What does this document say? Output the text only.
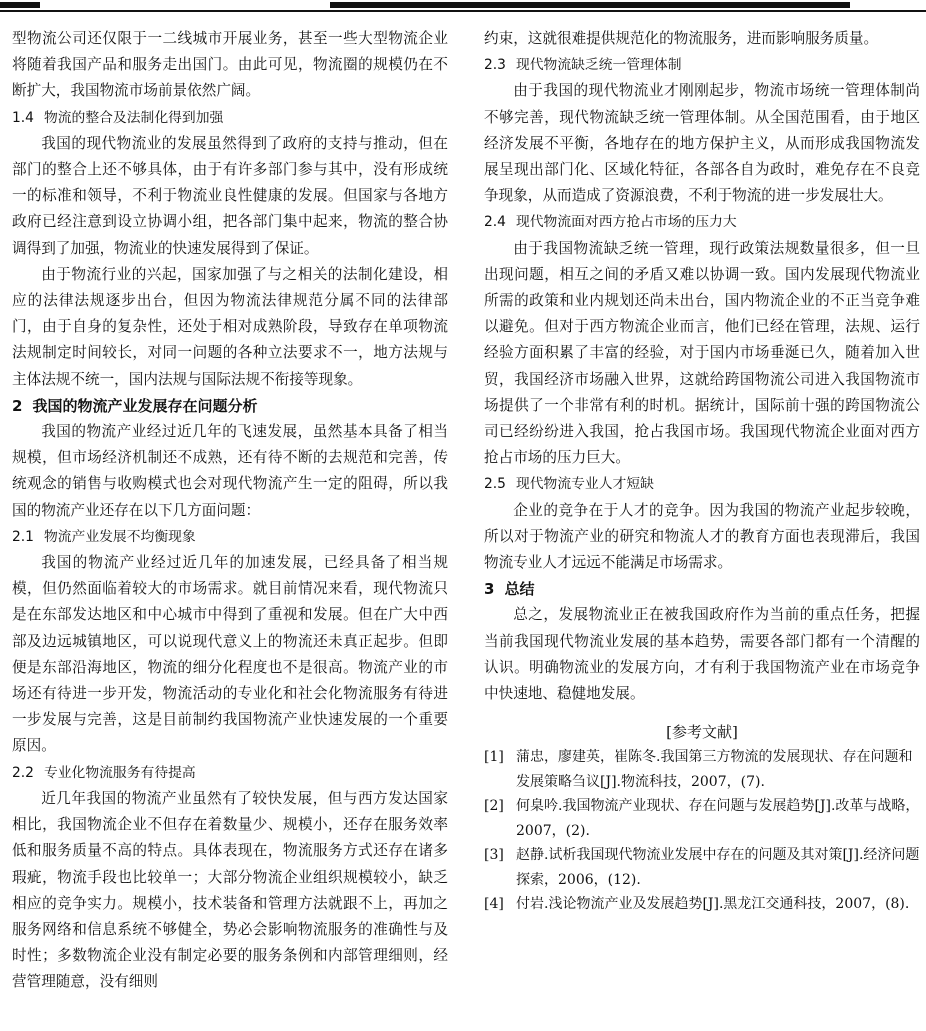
型物流公司还仅限于一二线城市开展业务，甚至一些大型物流企业将随着我国产品和服务走出国门。由此可见，物流圈的规模仍在不断扩大，我国物流市场前景依然广阔。

1.4 物流的整合及法制化得到加强

我国的现代物流业的发展虽然得到了政府的支持与推动，但在部门的整合上还不够具体，由于有许多部门参与其中，没有形成统一的标准和领导，不利于物流业良性健康的发展。但国家与各地方政府已经注意到设立协调小组，把各部门集中起来，物流的整合协调得到了加强，物流业的快速发展得到了保证。

由于物流行业的兴起，国家加强了与之相关的法制化建设，相应的法律法规逐步出台，但因为物流法律规范分属不同的法律部门，由于自身的复杂性，还处于相对成熟阶段，导致存在单项物流法规制定时间较长，对同一问题的各种立法要求不一，地方法规与主体法规不统一，国内法规与国际法规不衔接等现象。

2 我国的物流产业发展存在问题分析

我国的物流产业经过近几年的飞速发展，虽然基本具备了相当规模，但市场经济机制还不成熟，还有待不断的去规范和完善，传统观念的销售与收购模式也会对现代物流产生一定的阻碍，所以我国的物流产业还存在以下几方面问题：

2.1 物流产业发展不均衡现象

我国的物流产业经过近几年的加速发展，已经具备了相当规模，但仍然面临着较大的市场需求。就目前情况来看，现代物流只是在东部发达地区和中心城市中得到了重视和发展。但在广大中西部及边远城镇地区，可以说现代意义上的物流还未真正起步。但即便是东部沿海地区，物流的细分化程度也不是很高。物流产业的市场还有待进一步开发，物流活动的专业化和社会化物流服务有待进一步发展与完善，这是目前制约我国物流产业快速发展的一个重要原因。

2.2 专业化物流服务有待提高

近几年我国的物流产业虽然有了较快发展，但与西方发达国家相比，我国物流企业不但存在着数量少、规模小，还存在服务效率低和服务质量不高的特点。具体表现在，物流服务方式还存在诸多瑕疵，物流手段也比较单一；大部分物流企业组织规模较小，缺乏相应的竞争实力。规模小，技术装备和管理方法就跟不上，再加之服务网络和信息系统不够健全，势必会影响物流服务的准确性与及时性；多数物流企业没有制定必要的服务条例和内部管理细则，经营管理随意，没有细则

约束，这就很难提供规范化的物流服务，进而影响服务质量。

2.3 现代物流缺乏统一管理体制

由于我国的现代物流业才刚刚起步，物流市场统一管理体制尚不够完善，现代物流缺乏统一管理体制。从全国范围看，由于地区经济发展不平衡，各地存在的地方保护主义，从而形成我国物流发展呈现出部门化、区域化特征，各部各自为政时，难免存在不良竞争现象，从而造成了资源浪费，不利于物流的进一步发展壮大。

2.4 现代物流面对西方抢占市场的压力大

由于我国物流缺乏统一管理，现行政策法规数量很多，但一旦出现问题，相互之间的矛盾又难以协调一致。国内发展现代物流业所需的政策和业内规划还尚未出台，国内物流企业的不正当竞争难以避免。但对于西方物流企业而言，他们已经在管理，法规、运行经验方面积累了丰富的经验，对于国内市场垂涎已久，随着加入世贸，我国经济市场融入世界，这就给跨国物流公司进入我国物流市场提供了一个非常有利的时机。据统计，国际前十强的跨国物流公司已经纷纷进入我国，抢占我国市场。我国现代物流企业面对西方抢占市场的压力巨大。

2.5 现代物流专业人才短缺

企业的竞争在于人才的竞争。因为我国的物流产业起步较晚，所以对于物流产业的研究和物流人才的教育方面也表现滞后，我国物流专业人才远远不能满足市场需求。

3 总结

总之，发展物流业正在被我国政府作为当前的重点任务，把握当前我国现代物流业发展的基本趋势，需要各部门都有一个清醒的认识。明确物流业的发展方向，才有利于我国物流产业在市场竞争中快速地、稳健地发展。

[参考文献]
[1] 蒲忠，廖建英，崔陈冬.我国第三方物流的发展现状、存在问题和发展策略刍议[J].物流科技，2007，(7).
[2] 何臬吟.我国物流产业现状、存在问题与发展趋势[J].改革与战略，2007，(2).
[3] 赵静.试析我国现代物流业发展中存在的问题及其对策[J].经济问题探索，2006，(12).
[4] 付岩.浅论物流产业及发展趋势[J].黑龙江交通科技，2007，(8).
